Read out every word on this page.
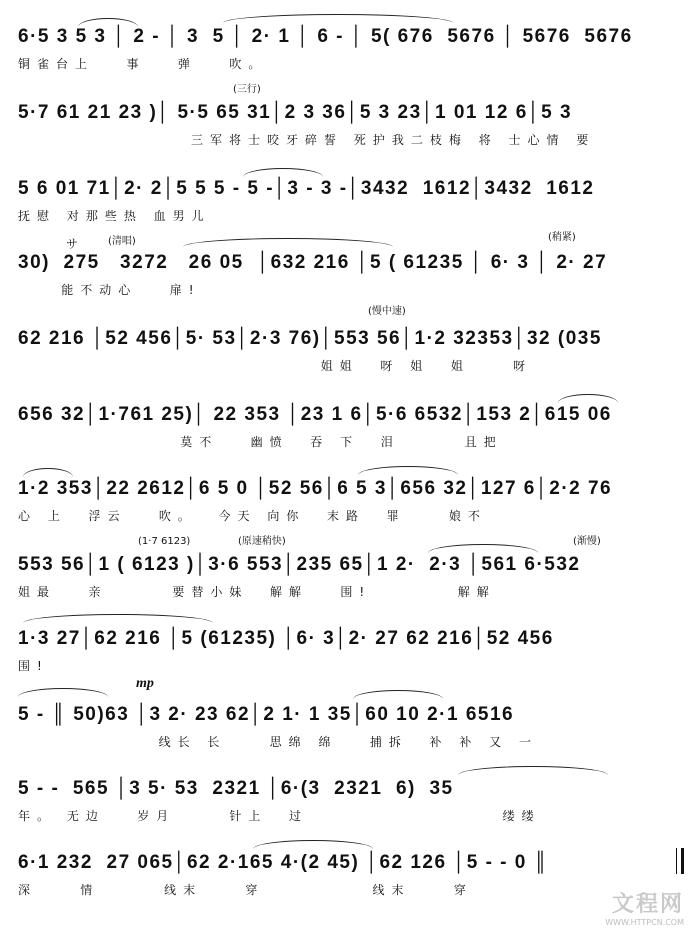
6·5 3 5 3 │ 2 - │ 3  5 │ 2· 1 │ 6 - │ 5( 676  5676 │ 5676  5676
铜雀台上   事   弹   吹。
(三行)
5·7 61 21 23 )│ 5·5 65 31│2 3 36│5 3 23│1 01 12 6│5 3
三军将士咬牙碎誓 死护我二枝梅 将 士心情 要
5 6 01 71│2· 2│5 5 5 - 5 -│3 - 3 -│3432  1612│3432  1612
抚慰 对那些热 血男儿
サ	(清唱)	(稍紧)
30)  275   3272   26 05  │632 216 │5 ( 61235 │ 6· 3 │ 2· 27
能不动心   扉!
(慢中速)
62 216 │52 456│5· 53│2·3 76)│553 56│1·2 32353│32 (035
姐姐  呀 姐  姐    呀
656 32│1·761 25)│ 22 353 │23 1 6│5·6 6532│153 2│615 06
莫不   幽愤  吞 下  泪      且把
1·2 353│22 2612│6 5 0 │52 56│6 5 3│656 32│127 6│2·2 76
心 上  浮云   吹。  今天 向你  末路  罪    娘不
(1·7 6123)	(原速稍快)	(渐慢)
553 56│1 ( 6123 )│3·6 553│235 65│1 2·  2·3 │561 6·532
姐最   亲      要替小妹  解解   围!        解解
1·3 27│62 216 │5 (61235) │6· 3│2· 27 62 216│52 456
围!
mp
5 - ║ 50)63 │3 2· 23 62│2 1· 1 35│60 10 2·1 6516
线长 长    思绵 绵   捕拆  补 补 又 一
5 - -  565 │3 5· 53  2321 │6·(3  2321  6)  35
年。 无边   岁月     针上  过                  缕缕
6·1 232  27 065│62 2·165 4·(2 45) │62 126 │5 - - 0 ║
深    情      线末    穿          线末    穿
文程网
WWW.HTTPCN.COM
